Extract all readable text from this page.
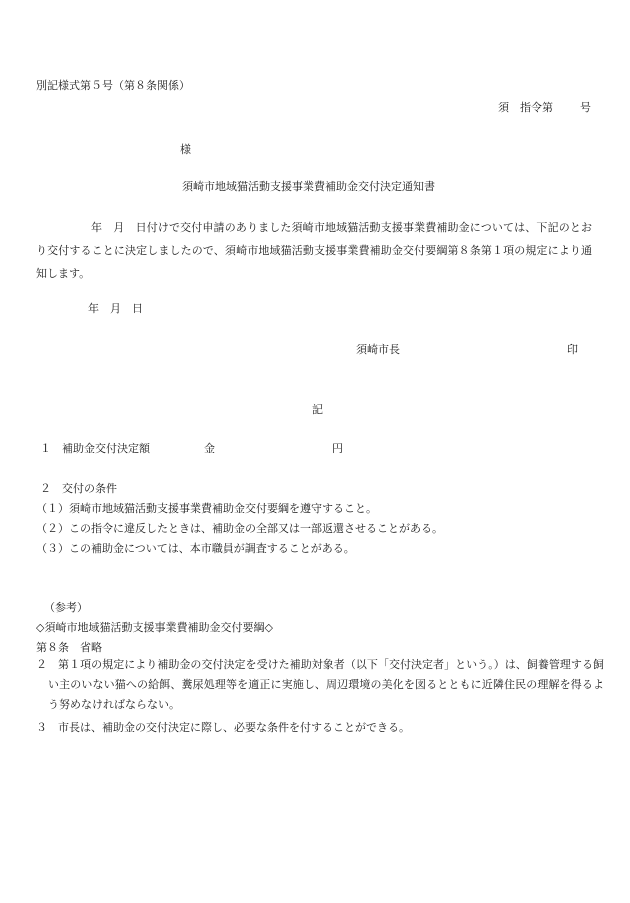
別記様式第５号（第８条関係）
須　指令第 号
様
須崎市地域猫活動支援事業費補助金交付決定通知書
年　月　日付けで交付申請のありました須崎市地域猫活動支援事業費補助金については、下記のとおり交付することに決定しましたので、須崎市地域猫活動支援事業費補助金交付要綱第８条第１項の規定により通知します。
年　月　日
須崎市長	印
記
１　補助金交付決定額	金	円
２　交付の条件
（１）須崎市地域猫活動支援事業費補助金交付要綱を遵守すること。
（２）この指令に違反したときは、補助金の全部又は一部返還させることがある。
（３）この補助金については、本市職員が調査することがある。
（参考）
◇須崎市地域猫活動支援事業費補助金交付要綱◇
第８条　省略
２　第１項の規定により補助金の交付決定を受けた補助対象者（以下「交付決定者」という。）は、飼養管理する飼い主のいない猫への給餌、糞尿処理等を適正に実施し、周辺環境の美化を図るとともに近隣住民の理解を得るよう努めなければならない。
３　市長は、補助金の交付決定に際し、必要な条件を付することができる。
